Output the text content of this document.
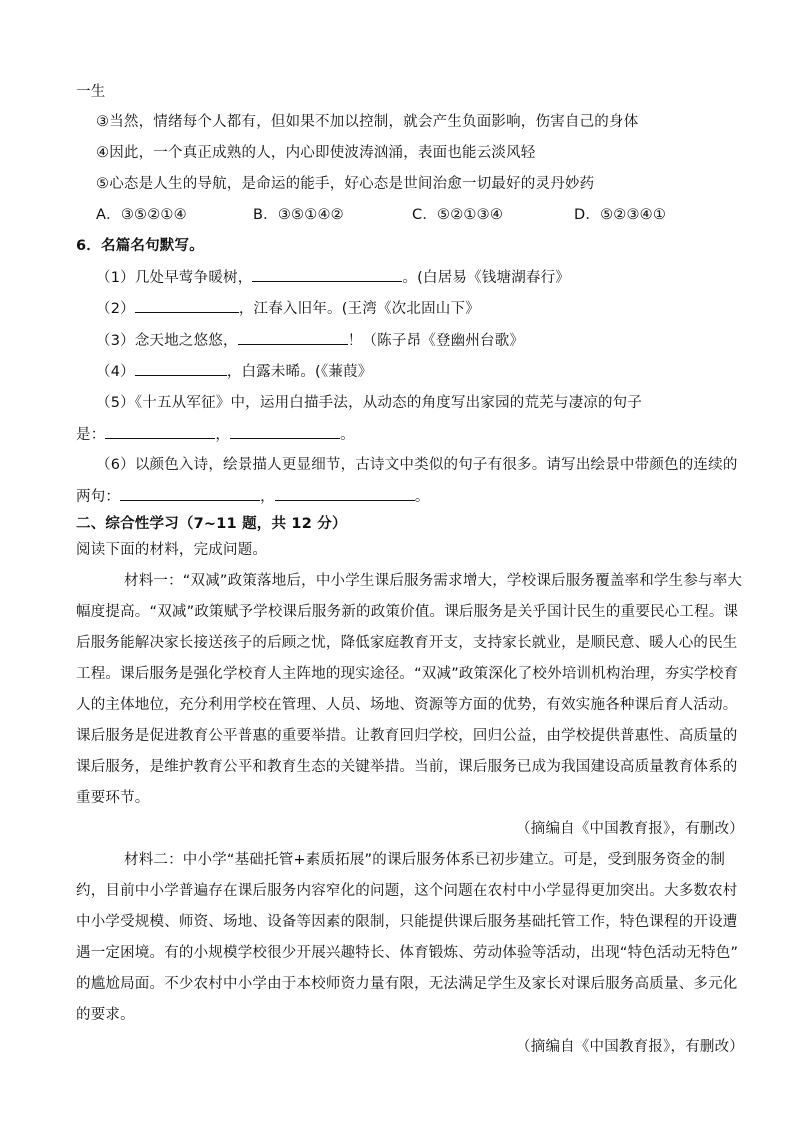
一生
③当然，情绪每个人都有，但如果不加以控制，就会产生负面影响，伤害自己的身体
④因此，一个真正成熟的人，内心即使波涛汹涌，表面也能云淡风轻
⑤心态是人生的导航，是命运的能手，好心态是世间治愈一切最好的灵丹妙药
A．③⑤②①④	B．③⑤①④②	C．⑤②①③④	D．⑤②③④①
6．名篇名句默写。
（1）几处早莺争暖树，	。(白居易《钱塘湖春行》
（2）	，江春入旧年。(王湾《次北固山下》
（3）念天地之悠悠，	！（陈子昂《登幽州台歌》
（4）	，白露未晞。(《蒹葭》
（5）《十五从军征》中，运用白描手法，从动态的角度写出家园的荒芜与凄凉的句子
是：	，	。
（6）以颜色入诗，绘景描人更显细节，古诗文中类似的句子有很多。请写出绘景中带颜色的连续的
两句：	，	。
二、综合性学习（7~11 题，共 12 分）
阅读下面的材料，完成问题。
材料一：“双减”政策落地后，中小学生课后服务需求增大，学校课后服务覆盖率和学生参与率大
幅度提高。“双减”政策赋予学校课后服务新的政策价值。课后服务是关乎国计民生的重要民心工程。课
后服务能解决家长接送孩子的后顾之忧，降低家庭教育开支，支持家长就业，是顺民意、暖人心的民生
工程。课后服务是强化学校育人主阵地的现实途径。“双减”政策深化了校外培训机构治理，夯实学校育
人的主体地位，充分利用学校在管理、人员、场地、资源等方面的优势，有效实施各种课后育人活动。
课后服务是促进教育公平普惠的重要举措。让教育回归学校，回归公益，由学校提供普惠性、高质量的
课后服务，是维护教育公平和教育生态的关键举措。当前，课后服务已成为我国建设高质量教育体系的
重要环节。
（摘编自《中国教育报》，有删改）
材料二：中小学“基础托管+素质拓展”的课后服务体系已初步建立。可是，受到服务资金的制
约，目前中小学普遍存在课后服务内容窄化的问题，这个问题在农村中小学显得更加突出。大多数农村
中小学受规模、师资、场地、设备等因素的限制，只能提供课后服务基础托管工作，特色课程的开设遭
遇一定困境。有的小规模学校很少开展兴趣特长、体育锻炼、劳动体验等活动，出现“特色活动无特色”
的尴尬局面。不少农村中小学由于本校师资力量有限，无法满足学生及家长对课后服务高质量、多元化
的要求。
（摘编自《中国教育报》，有删改）
